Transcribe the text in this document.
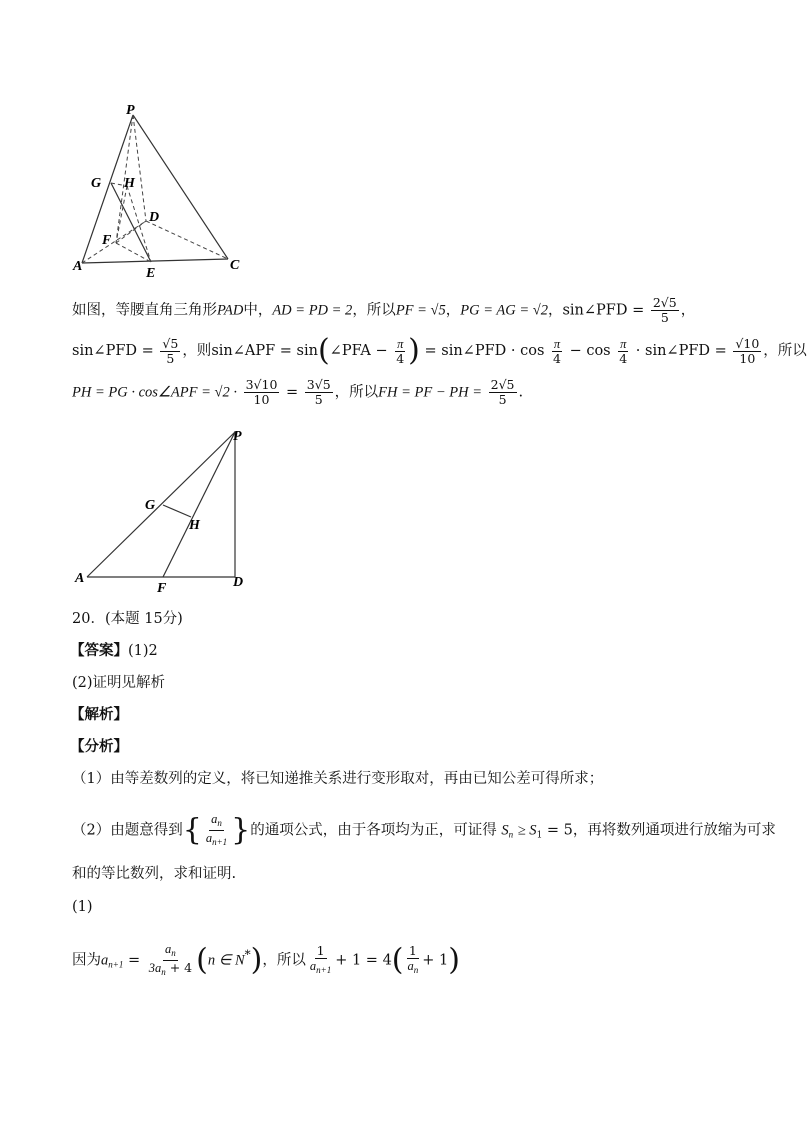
P
G H
D
F
A	E
C
如图，等腰直角三角形PAD中，AD = PD = 2，所以PF = √5，PG = AG = √2，sin∠PFD = $\frac{2√5}{5}$ ，
sin∠PFD = $\frac{√5}{5}$ ，则sin∠APF = sin(∠PFA − $\frac{\pi}{4}$ ) = sin∠PFD · $\cos \frac{\pi}{4} - \cos \frac{\pi}{4}$ · sin∠PFD = $\frac{√10}{10}$ ，所以
PH = PG · cos∠APF = $√2 \cdot \frac{3√10}{10} = \frac{3√5}{5}$ ，所以FH = PF − PH = $\frac{2√5}{5}$ .
P
G
H
A
F	D
20．(本题 15分)
【答案】(1)2
(2)证明见解析
【解析】
【分析】
（1）由等差数列的定义，将已知递推关系进行变形取对，再由已知公差可得所求；
（2）由题意得到{ $\frac{a_n}{a_{n+1}}$ }的通项公式，由于各项均为正，可证得 $S_n \ge S_1 = 5$，再将数列通项进行放缩为可求
和的等比数列，求和证明.
(1)
因为$a_{n+1} = \frac{a_n}{3a_n + 4} (n$ ∈ N*)，所以 $\frac{1}{a_{n+1}} + 1 = 4( \frac{1}{a_n} + 1)$
